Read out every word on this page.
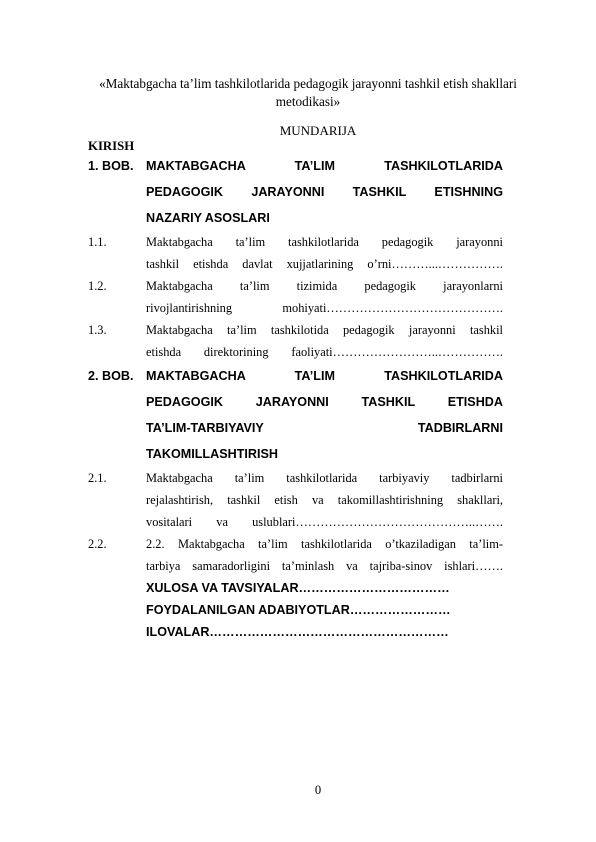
«Maktabgacha ta’lim tashkilotlarida pedagogik jarayonni tashkil etish shakllari metodikasi»
MUNDARIJA
KIRISH
1. BOB. MAKTABGACHA TA’LIM TASHKILOTLARIDA
PEDAGOGIK JARAYONNI TASHKIL ETISHNING
NAZARIY ASOSLARI
1.1.	Maktabgacha ta’lim tashkilotlarida pedagogik jarayonni
tashkil etishda davlat xujjatlarining o’rni………...…………….
1.2.	Maktabgacha ta’lim tizimida pedagogik jarayonlarni
rivojlantirishning mohiyati…………………………………….
1.3.	Maktabgacha ta’lim tashkilotida pedagogik jarayonni tashkil
etishda direktorining faoliyati……………………..…………….
2. BOB. MAKTABGACHA TA’LIM TASHKILOTLARIDA
PEDAGOGIK JARAYONNI TASHKIL ETISHDA
TA’LIM-TARBIYAVIY TADBIRLARNI
TAKOMILLASHTIRISH
2.1.	Maktabgacha ta’lim tashkilotlarida tarbiyaviy tadbirlarni
rejalashtirish, tashkil etish va takomillashtirishning shakllari,
vositalari va uslublari……………………………………..…….
2.2.	2.2. Maktabgacha ta’lim tashkilotlarida o’tkaziladigan ta’lim-
tarbiya samaradorligini ta’minlash va tajriba-sinov ishlari…….
XULOSA VA TAVSIYALAR………………………………
FOYDALANILGAN ADABIYOTLAR……………………
ILOVALAR…………………………………………………
0
